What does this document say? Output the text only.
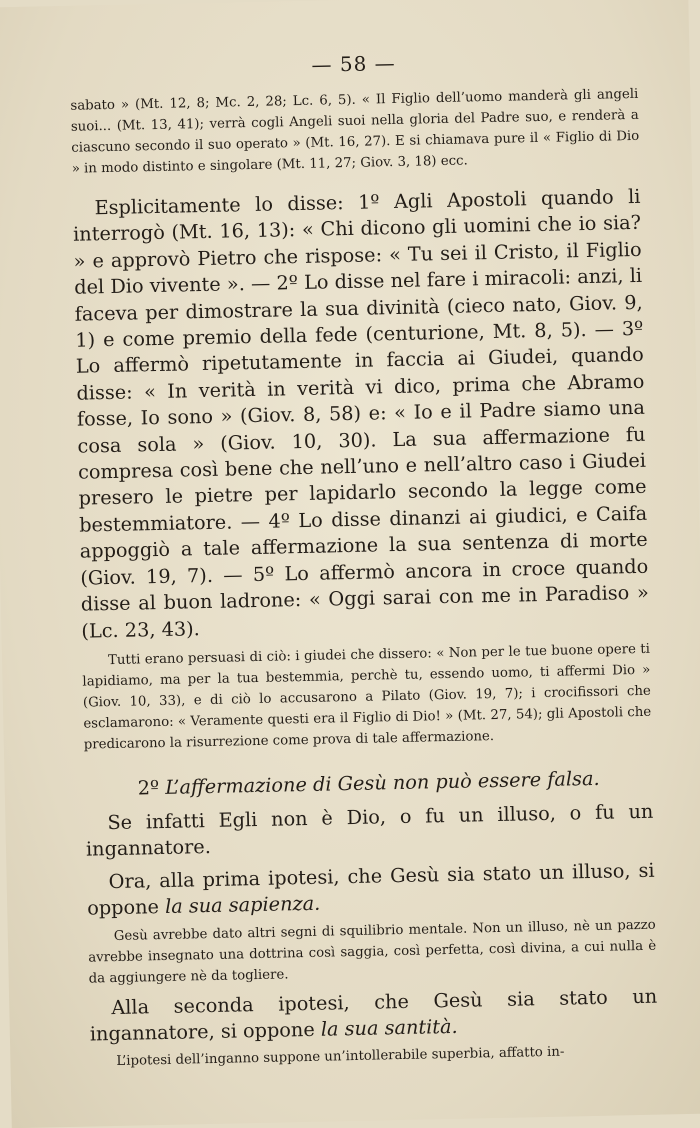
— 58 —

sabato » (Mt. 12, 8; Mc. 2, 28; Lc. 6, 5). « Il Figlio dell’uomo manderà gli angeli suoi... (Mt. 13, 41); verrà cogli Angeli suoi nella gloria del Padre suo, e renderà a ciascuno secondo il suo operato » (Mt. 16, 27). E si chiamava pure il « Figlio di Dio » in modo distinto e singolare (Mt. 11, 27; Giov. 3, 18) ecc.

Esplicitamente lo disse: 1º Agli Apostoli quando li interrogò (Mt. 16, 13): « Chi dicono gli uomini che io sia? » e approvò Pietro che rispose: « Tu sei il Cristo, il Figlio del Dio vivente ». — 2º Lo disse nel fare i miracoli: anzi, li faceva per dimostrare la sua divinità (cieco nato, Giov. 9, 1) e come premio della fede (centurione, Mt. 8, 5). — 3º Lo affermò ripetutamente in faccia ai Giudei, quando disse: « In verità in verità vi dico, prima che Abramo fosse, Io sono » (Giov. 8, 58) e: « Io e il Padre siamo una cosa sola » (Giov. 10, 30). La sua affermazione fu compresa così bene che nell’uno e nell’altro caso i Giudei presero le pietre per lapidarlo secondo la legge come bestemmiatore. — 4º Lo disse dinanzi ai giudici, e Caifa appoggiò a tale affermazione la sua sentenza di morte (Giov. 19, 7). — 5º Lo affermò ancora in croce quando disse al buon ladrone: « Oggi sarai con me in Paradiso » (Lc. 23, 43).

Tutti erano persuasi di ciò: i giudei che dissero: « Non per le tue buone opere ti lapidiamo, ma per la tua bestemmia, perchè tu, essendo uomo, ti affermi Dio » (Giov. 10, 33), e di ciò lo accusarono a Pilato (Giov. 19, 7); i crocifissori che esclamarono: « Veramente questi era il Figlio di Dio! » (Mt. 27, 54); gli Apostoli che predicarono la risurrezione come prova di tale affermazione.

2º L’affermazione di Gesù non può essere falsa.

Se infatti Egli non è Dio, o fu un illuso, o fu un ingannatore.

Ora, alla prima ipotesi, che Gesù sia stato un illuso, si oppone la sua sapienza.

Gesù avrebbe dato altri segni di squilibrio mentale. Non un illuso, nè un pazzo avrebbe insegnato una dottrina così saggia, così perfetta, così divina, a cui nulla è da aggiungere nè da togliere.

Alla seconda ipotesi, che Gesù sia stato un ingannatore, si oppone la sua santità.

L’ipotesi dell’inganno suppone un’intollerabile superbia, affatto in-
